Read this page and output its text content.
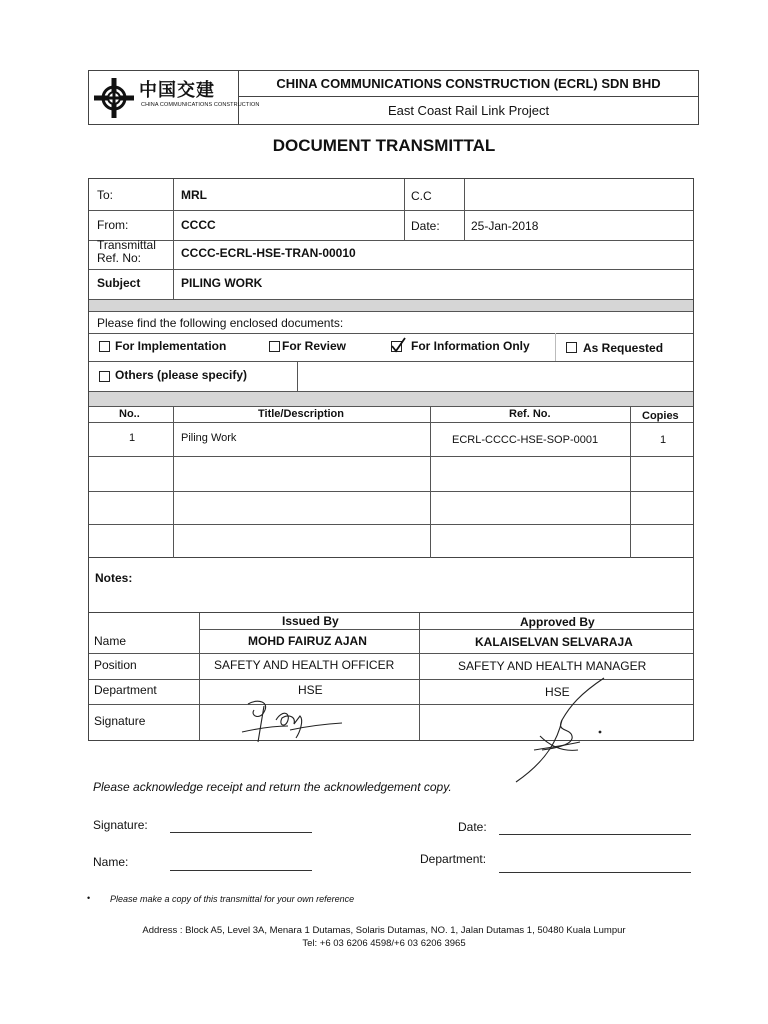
中国交建
CHINA COMMUNICATIONS CONSTRUCTION
CHINA COMMUNICATIONS CONSTRUCTION (ECRL) SDN BHD
East Coast Rail Link Project
DOCUMENT TRANSMITTAL
To:	MRL	C.C
From:	CCCC	Date:	25-Jan-2018
Transmittal
Ref. No:	CCCC-ECRL-HSE-TRAN-00010
Subject	PILING WORK
Please find the following enclosed documents:
For Implementation	For Review	For Information Only	As Requested
Others (please specify)
No..	Title/Description	Ref. No.	Copies
1	Piling Work	ECRL-CCCC-HSE-SOP-0001	1
Notes:
Issued By	Approved By
Name	MOHD FAIRUZ AJAN	KALAISELVAN SELVARAJA
Position	SAFETY AND HEALTH OFFICER	SAFETY AND HEALTH MANAGER
Department	HSE	HSE
Signature
Please acknowledge receipt and return the acknowledgement copy.
Signature:	Date:
Name:	Department:
• Please make a copy of this transmittal for your own reference
Address : Block A5, Level 3A, Menara 1 Dutamas, Solaris Dutamas, NO. 1, Jalan Dutamas 1, 50480 Kuala Lumpur
Tel: +6 03 6206 4598/+6 03 6206 3965
